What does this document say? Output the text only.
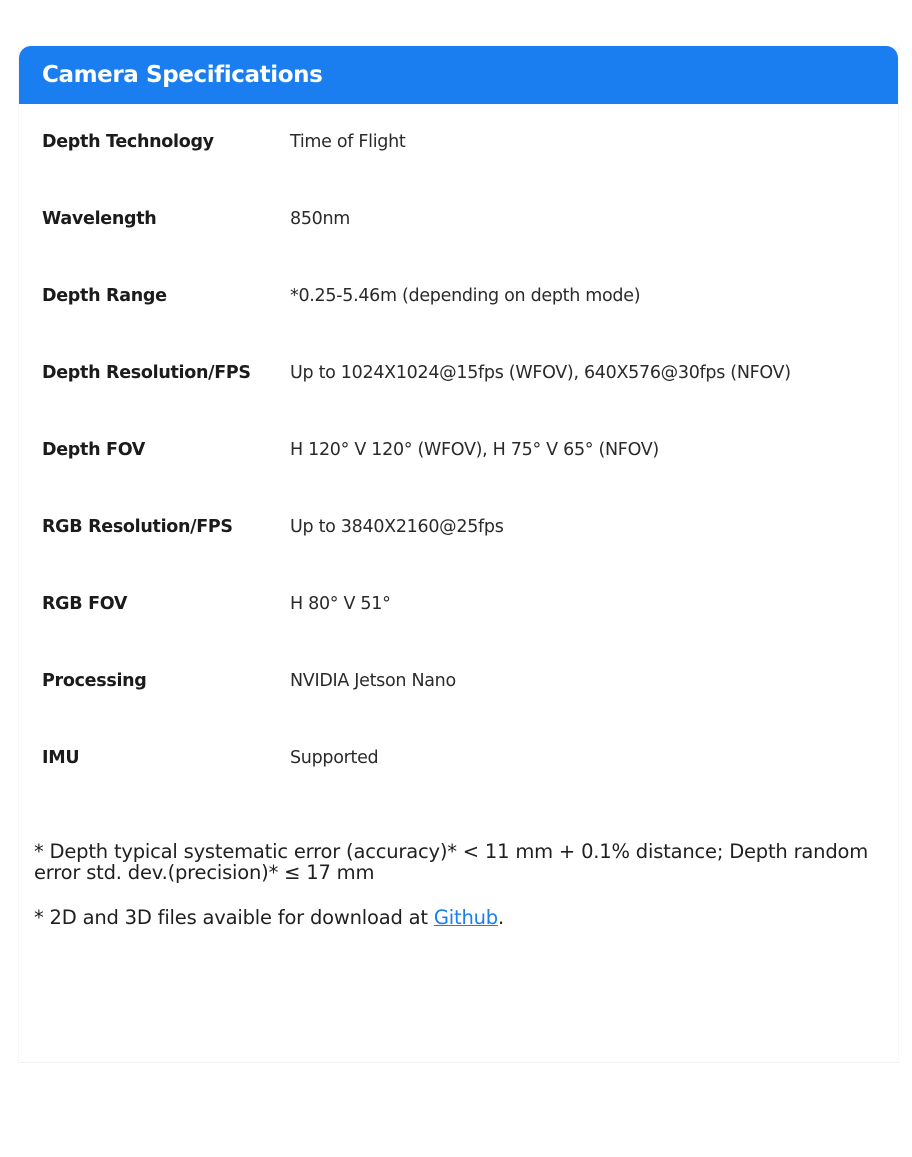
Camera Specifications
Depth Technology	Time of Flight
Wavelength	850nm
Depth Range	*0.25-5.46m (depending on depth mode)
Depth Resolution/FPS	Up to 1024X1024@15fps (WFOV), 640X576@30fps (NFOV)
Depth FOV	H 120° V 120° (WFOV), H 75° V 65° (NFOV)
RGB Resolution/FPS	Up to 3840X2160@25fps
RGB FOV	H 80° V 51°
Processing	NVIDIA Jetson Nano
IMU	Supported

* Depth typical systematic error (accuracy)* < 11 mm + 0.1% distance; Depth random error std. dev.(precision)* ≤ 17 mm

* 2D and 3D files avaible for download at Github.
